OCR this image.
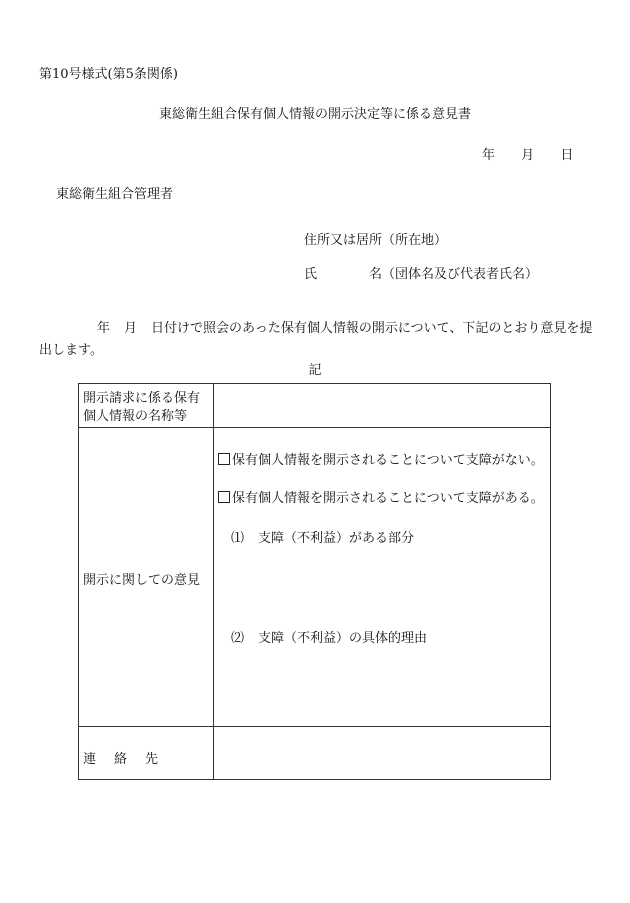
第10号様式(第5条関係)
東総衛生組合保有個人情報の開示決定等に係る意見書
年 月 日
東総衛生組合管理者
住所又は居所（所在地）
氏	名（団体名及び代表者氏名）
年 月 日付けで照会のあった保有個人情報の開示について、下記のとおり意見を提出します。
記
開示請求に係る保有
個人情報の名称等
開示に関しての意見
保有個人情報を開示されることについて支障がない。
保有個人情報を開示されることについて支障がある。
⑴ 支障（不利益）がある部分
⑵ 支障（不利益）の具体的理由
連 絡 先
